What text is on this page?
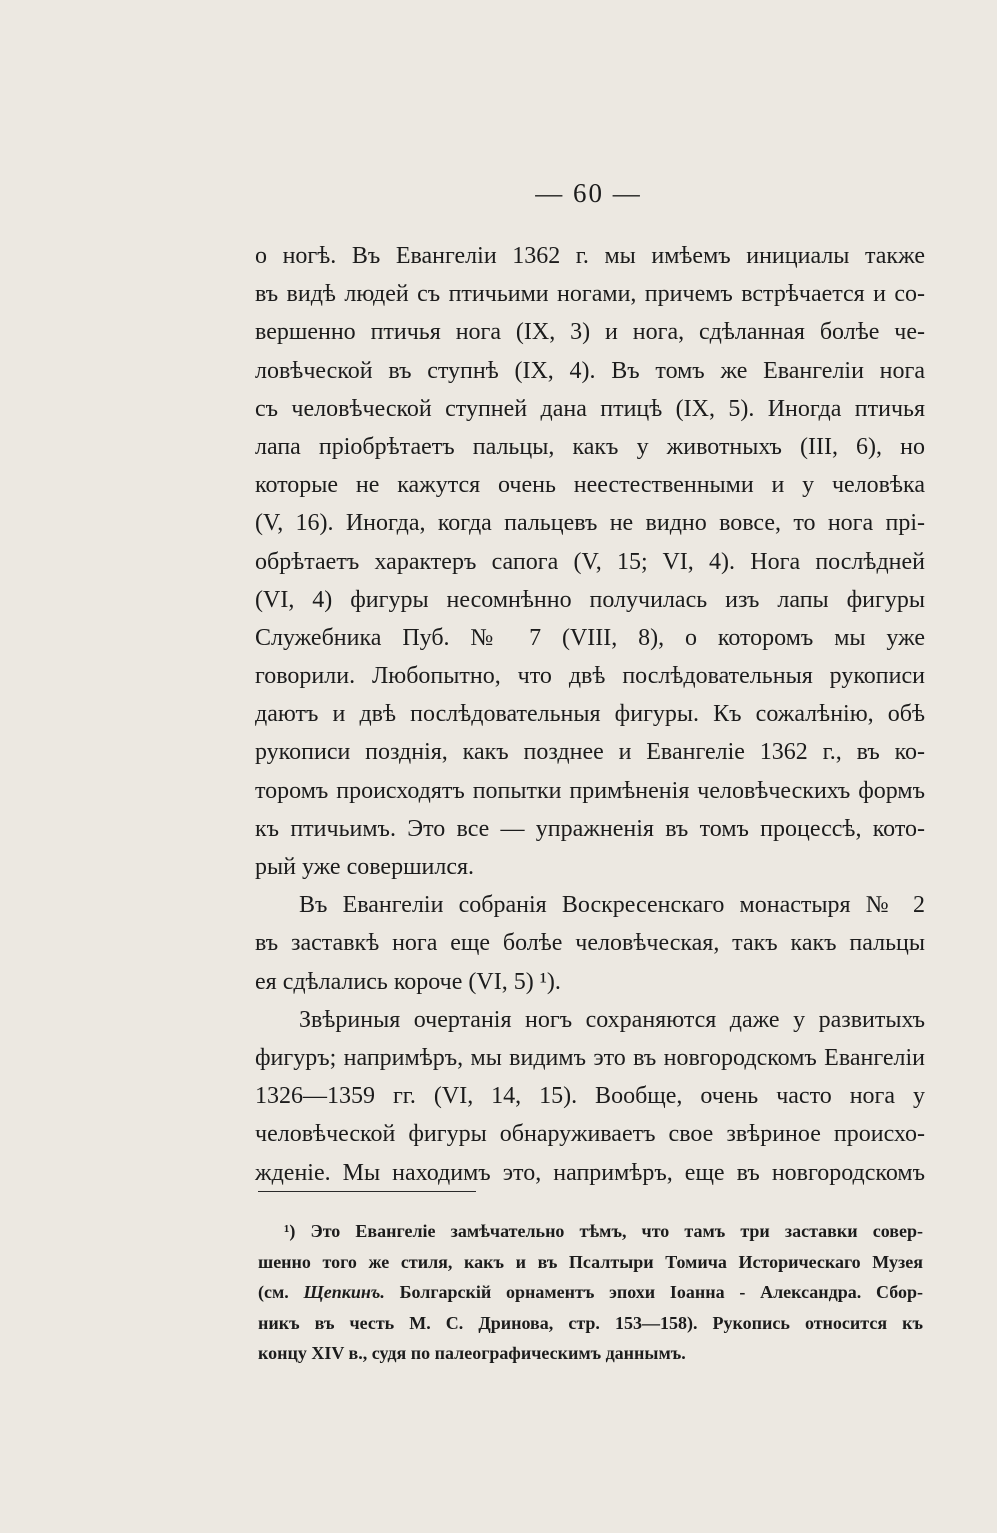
— 60 —
о ногѣ. Въ Евангеліи 1362 г. мы имѣемъ инициалы также
въ видѣ людей съ птичьими ногами, причемъ встрѣчается и со-
вершенно птичья нога (IX, 3) и нога, сдѣланная болѣе че-
ловѣческой въ ступнѣ (IX, 4). Въ томъ же Евангеліи нога
съ человѣческой ступней дана птицѣ (IX, 5). Иногда птичья
лапа пріобрѣтаетъ пальцы, какъ у животныхъ (III, 6), но
которые не кажутся очень неестественными и у человѣка
(V, 16). Иногда, когда пальцевъ не видно вовсе, то нога прі-
обрѣтаетъ характеръ сапога (V, 15; VI, 4). Нога послѣдней
(VI, 4) фигуры несомнѣнно получилась изъ лапы фигуры
Служебника Пуб. № 7 (VIII, 8), о которомъ мы уже
говорили. Любопытно, что двѣ послѣдовательныя рукописи
даютъ и двѣ послѣдовательныя фигуры. Къ сожалѣнію, обѣ
рукописи позднія, какъ позднее и Евангеліе 1362 г., въ ко-
торомъ происходятъ попытки примѣненія человѣческихъ формъ
къ птичьимъ. Это все — упражненія въ томъ процессѣ, кото-
рый уже совершился.
Въ Евангеліи собранія Воскресенскаго монастыря № 2
въ заставкѣ нога еще болѣе человѣческая, такъ какъ пальцы
ея сдѣлались короче (VI, 5) ¹).
Звѣриныя очертанія ногъ сохраняются даже у развитыхъ
фигуръ; напримѣръ, мы видимъ это въ новгородскомъ Евангеліи
1326—1359 гг. (VI, 14, 15). Вообще, очень часто нога у
человѣческой фигуры обнаруживаетъ свое звѣриное происхо-
жденіе. Мы находимъ это, напримѣръ, еще въ новгородскомъ
¹) Это Евангеліе замѣчательно тѣмъ, что тамъ три заставки совер-
шенно того же стиля, какъ и въ Псалтыри Томича Историческаго Музея
(см. Щепкинъ. Болгарскій орнаментъ эпохи Іоанна - Александра. Сбор-
никъ въ честь М. С. Дринова, стр. 153—158). Рукопись относится къ
концу XIV в., судя по палеографическимъ даннымъ.
